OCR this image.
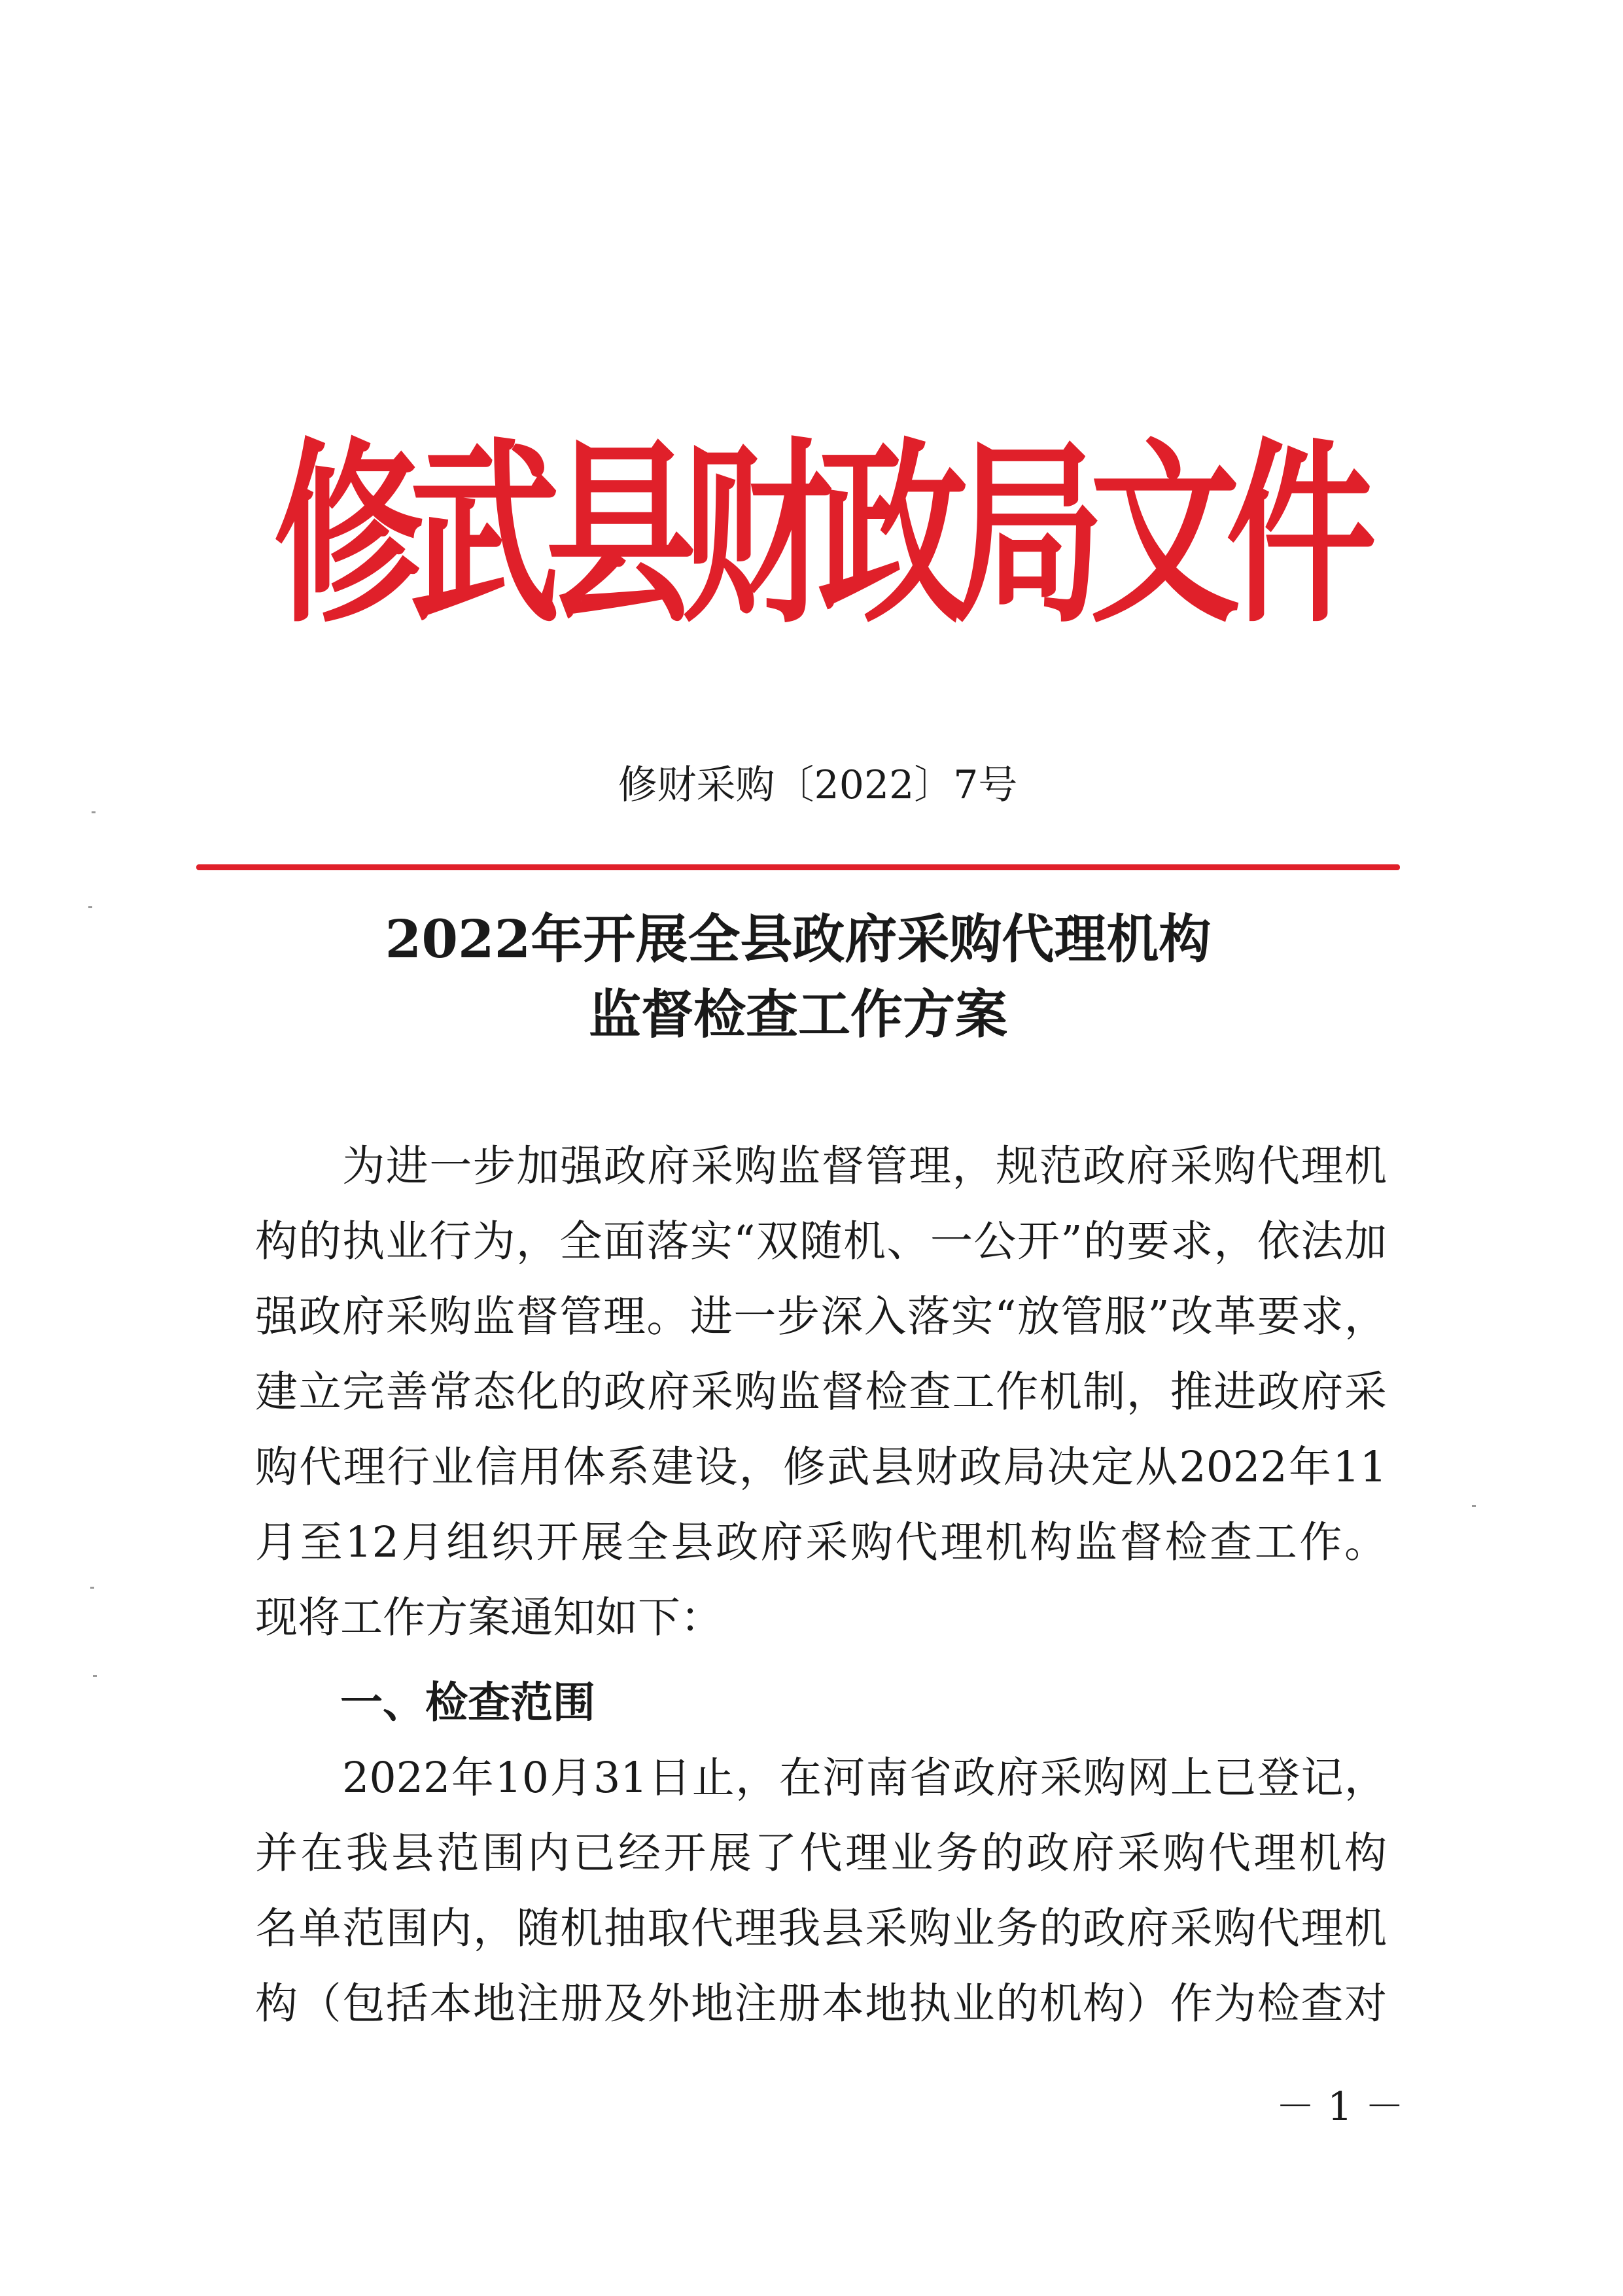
修武县财政局文件

修财采购〔2022〕7号

2022年开展全县政府采购代理机构
监督检查工作方案

　　为进一步加强政府采购监督管理，规范政府采购代理机
构的执业行为，全面落实“双随机、一公开”的要求，依法加
强政府采购监督管理。进一步深入落实“放管服”改革要求，
建立完善常态化的政府采购监督检查工作机制，推进政府采
购代理行业信用体系建设，修武县财政局决定从2022年11
月至12月组织开展全县政府采购代理机构监督检查工作。
现将工作方案通知如下：

一、检查范围

　　2022年10月31日止，在河南省政府采购网上已登记，
并在我县范围内已经开展了代理业务的政府采购代理机构
名单范围内，随机抽取代理我县采购业务的政府采购代理机
构（包括本地注册及外地注册本地执业的机构）作为检查对

－ 1 －
